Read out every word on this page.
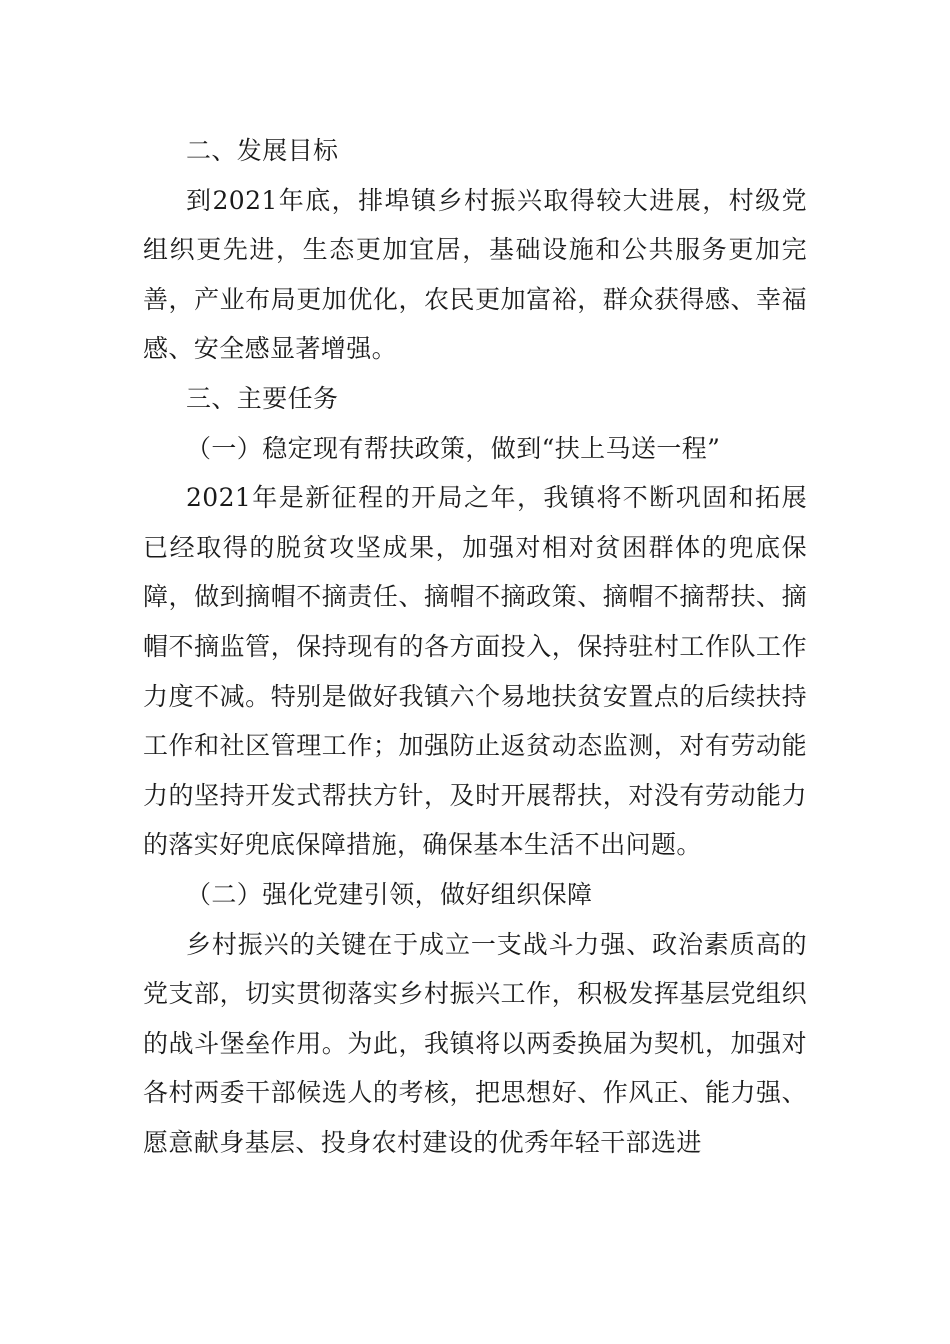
二、发展目标

到2021年底，排埠镇乡村振兴取得较大进展，村级党组织更先进，生态更加宜居，基础设施和公共服务更加完善，产业布局更加优化，农民更加富裕，群众获得感、幸福感、安全感显著增强。

三、主要任务

（一）稳定现有帮扶政策，做到“扶上马送一程”

2021年是新征程的开局之年，我镇将不断巩固和拓展已经取得的脱贫攻坚成果，加强对相对贫困群体的兜底保障，做到摘帽不摘责任、摘帽不摘政策、摘帽不摘帮扶、摘帽不摘监管，保持现有的各方面投入，保持驻村工作队工作力度不减。特别是做好我镇六个易地扶贫安置点的后续扶持工作和社区管理工作；加强防止返贫动态监测，对有劳动能力的坚持开发式帮扶方针，及时开展帮扶，对没有劳动能力的落实好兜底保障措施，确保基本生活不出问题。

（二）强化党建引领，做好组织保障

乡村振兴的关键在于成立一支战斗力强、政治素质高的党支部，切实贯彻落实乡村振兴工作，积极发挥基层党组织的战斗堡垒作用。为此，我镇将以两委换届为契机，加强对各村两委干部候选人的考核，把思想好、作风正、能力强、愿意献身基层、投身农村建设的优秀年轻干部选进
